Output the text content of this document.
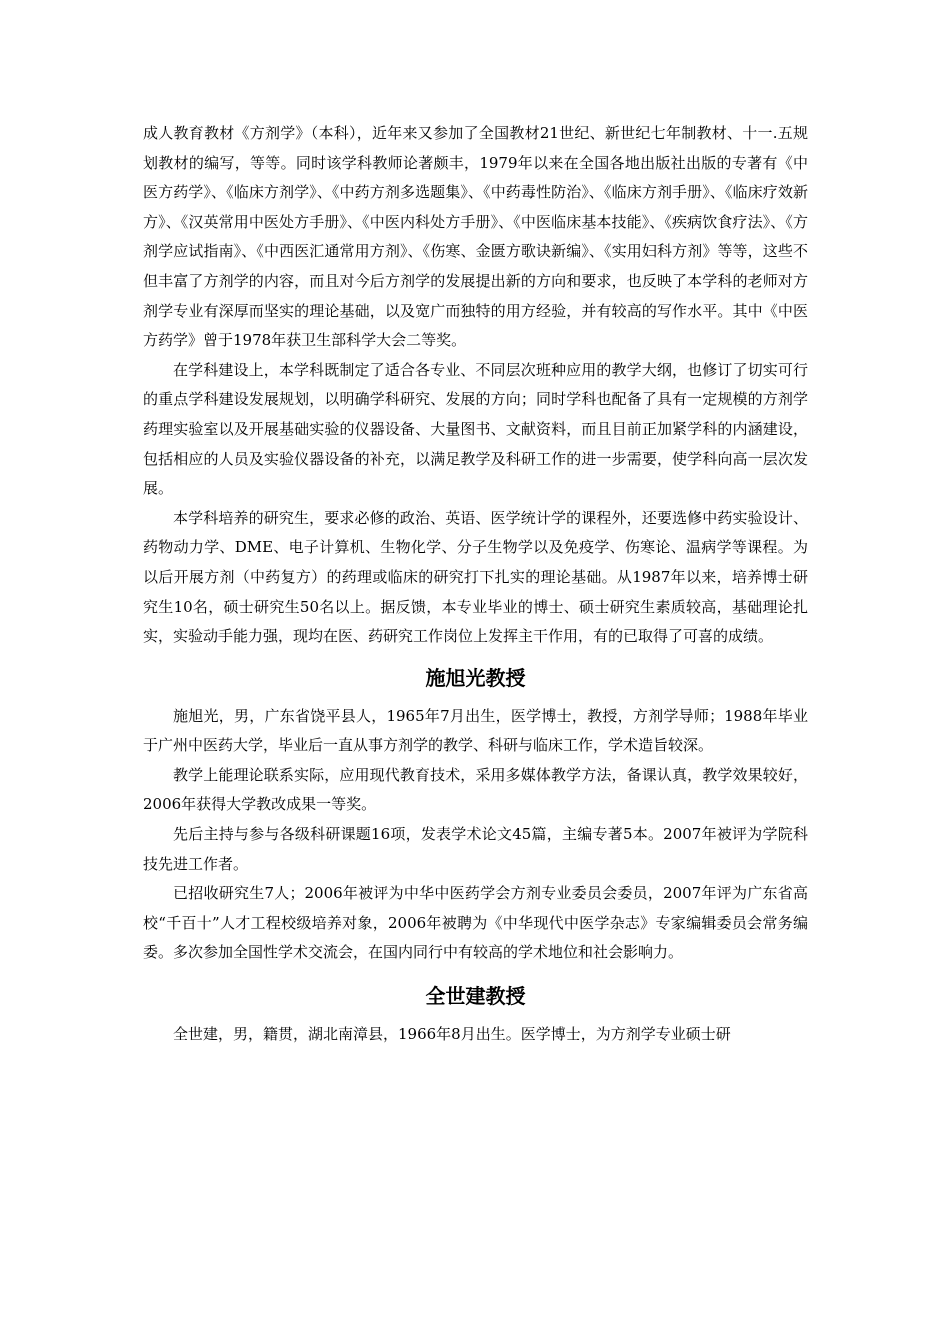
成人教育教材《方剂学》（本科），近年来又参加了全国教材21世纪、新世纪七年制教材、十一.五规划教材的编写，等等。同时该学科教师论著颇丰，1979年以来在全国各地出版社出版的专著有《中医方药学》、《临床方剂学》、《中药方剂多选题集》、《中药毒性防治》、《临床方剂手册》、《临床疗效新方》、《汉英常用中医处方手册》、《中医内科处方手册》、《中医临床基本技能》、《疾病饮食疗法》、《方剂学应试指南》、《中西医汇通常用方剂》、《伤寒、金匮方歌诀新编》、《实用妇科方剂》等等，这些不但丰富了方剂学的内容，而且对今后方剂学的发展提出新的方向和要求，也反映了本学科的老师对方剂学专业有深厚而坚实的理论基础，以及宽广而独特的用方经验，并有较高的写作水平。其中《中医方药学》曾于1978年获卫生部科学大会二等奖。

在学科建设上，本学科既制定了适合各专业、不同层次班种应用的教学大纲，也修订了切实可行的重点学科建设发展规划，以明确学科研究、发展的方向；同时学科也配备了具有一定规模的方剂学药理实验室以及开展基础实验的仪器设备、大量图书、文献资料，而且目前正加紧学科的内涵建设，包括相应的人员及实验仪器设备的补充，以满足教学及科研工作的进一步需要，使学科向高一层次发展。

本学科培养的研究生，要求必修的政治、英语、医学统计学的课程外，还要选修中药实验设计、药物动力学、DME、电子计算机、生物化学、分子生物学以及免疫学、伤寒论、温病学等课程。为以后开展方剂（中药复方）的药理或临床的研究打下扎实的理论基础。从1987年以来，培养博士研究生10名，硕士研究生50名以上。据反馈，本专业毕业的博士、硕士研究生素质较高，基础理论扎实，实验动手能力强，现均在医、药研究工作岗位上发挥主干作用，有的已取得了可喜的成绩。

施旭光教授

施旭光，男，广东省饶平县人，1965年7月出生，医学博士，教授，方剂学导师；1988年毕业于广州中医药大学，毕业后一直从事方剂学的教学、科研与临床工作，学术造旨较深。

教学上能理论联系实际，应用现代教育技术，采用多媒体教学方法，备课认真，教学效果较好，2006年获得大学教改成果一等奖。

先后主持与参与各级科研课题16项，发表学术论文45篇，主编专著5本。2007年被评为学院科技先进工作者。

已招收研究生7人；2006年被评为中华中医药学会方剂专业委员会委员，2007年评为广东省高校“千百十”人才工程校级培养对象，2006年被聘为《中华现代中医学杂志》专家编辑委员会常务编委。多次参加全国性学术交流会，在国内同行中有较高的学术地位和社会影响力。

全世建教授

全世建，男，籍贯，湖北南漳县，1966年8月出生。医学博士，为方剂学专业硕士研
